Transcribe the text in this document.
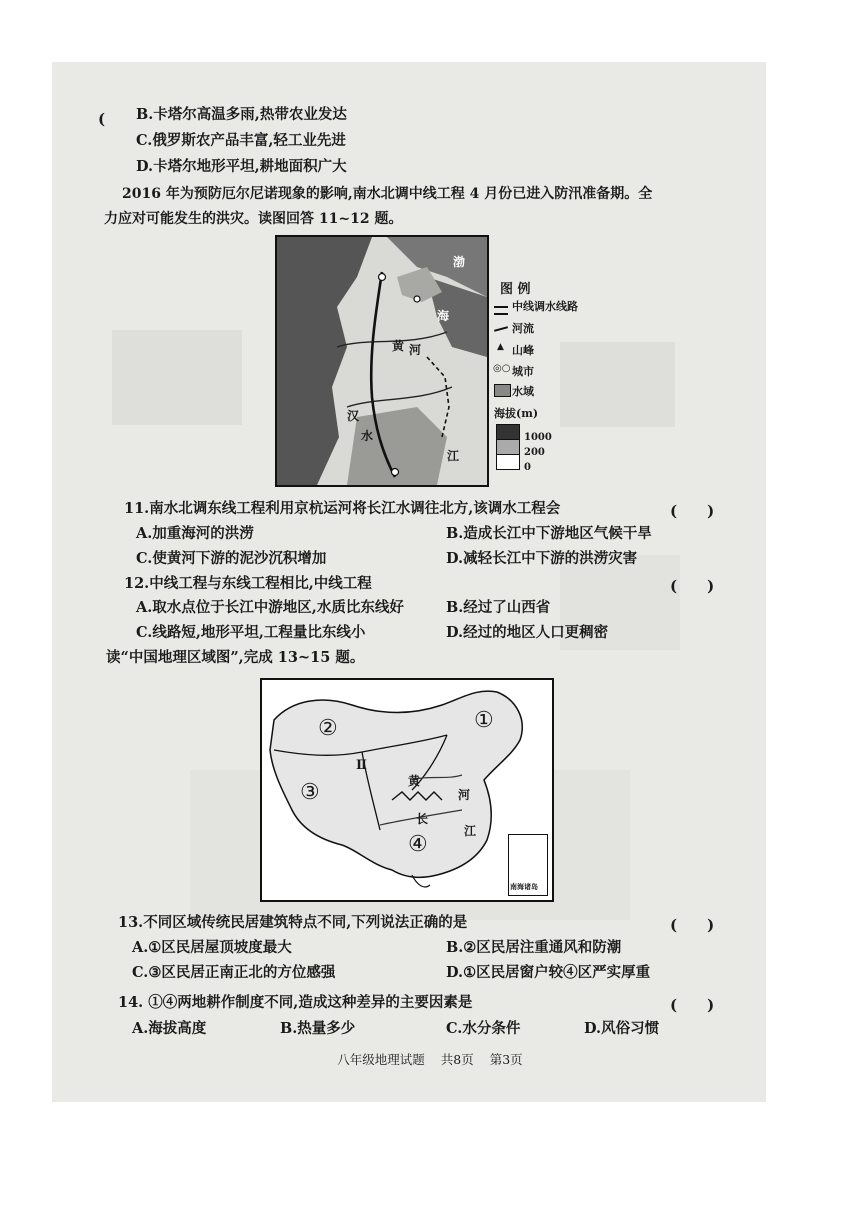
( B.卡塔尔高温多雨,热带农业发达
C.俄罗斯农产品丰富,轻工业先进
D.卡塔尔地形平坦,耕地面积广大
2016 年为预防厄尔尼诺现象的影响,南水北调中线工程 4 月份已进入防汛准备期。全
力应对可能发生的洪灾。读图回答 11~12 题。
渤
海
黄 河
汉
水
江
图 例
中线调水线路
河流
▲ 山峰
◎○ 城市
水域
海拔(m)
1000
200
0
11.南水北调东线工程利用京杭运河将长江水调往北方,该调水工程会	(　　)
A.加重海河的洪涝	B.造成长江中下游地区气候干旱
C.使黄河下游的泥沙沉积增加	D.减轻长江中下游的洪涝灾害
12.中线工程与东线工程相比,中线工程	(　　)
A.取水点位于长江中游地区,水质比东线好	B.经过了山西省
C.线路短,地形平坦,工程量比东线小	D.经过的地区人口更稠密
读“中国地理区域图”,完成 13~15 题。
①
②
③
④
Ⅱ
黄
河
长
江
南海诸岛
13.不同区域传统民居建筑特点不同,下列说法正确的是	(　　)
A.①区民居屋顶坡度最大	B.②区民居注重通风和防潮
C.③区民居正南正北的方位感强	D.①区民居窗户较④区严实厚重
14. ①④两地耕作制度不同,造成这种差异的主要因素是	(　　)
A.海拔高度	B.热量多少	C.水分条件	D.风俗习惯
八年级地理试题 共8页 第3页
